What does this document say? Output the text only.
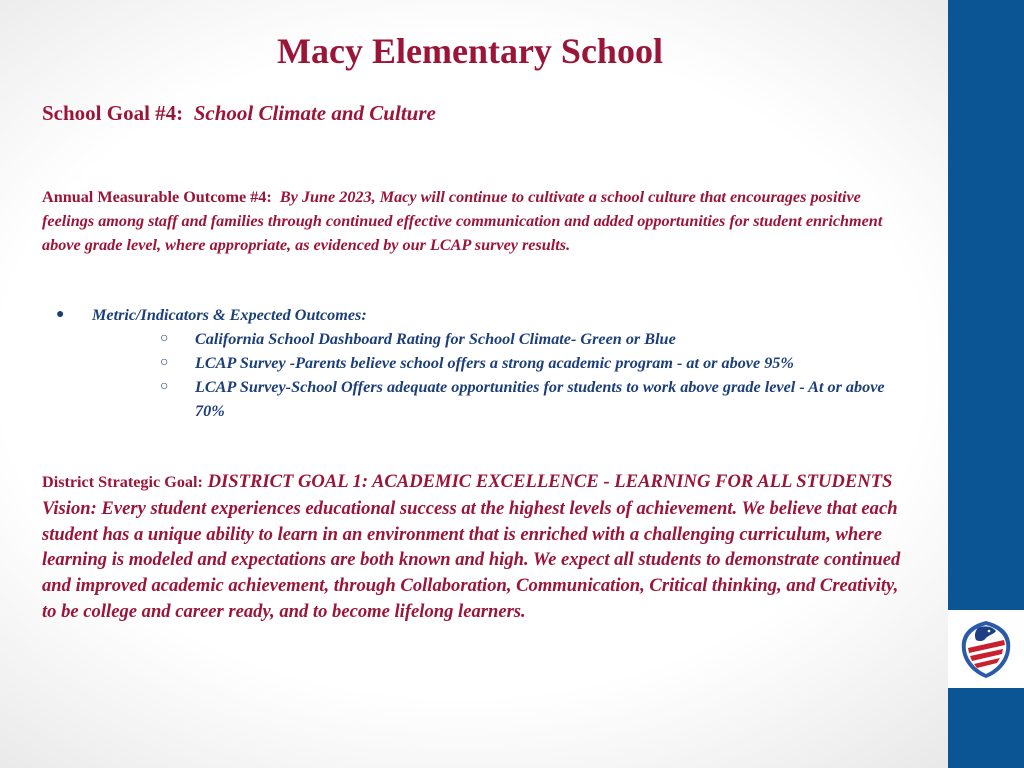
Macy Elementary School

School Goal #4: School Climate and Culture

Annual Measurable Outcome #4: By June 2023, Macy will continue to cultivate a school culture that encourages positive feelings among staff and families through continued effective communication and added opportunities for student enrichment above grade level, where appropriate, as evidenced by our LCAP survey results.

● Metric/Indicators & Expected Outcomes:
○ California School Dashboard Rating for School Climate- Green or Blue
○ LCAP Survey -Parents believe school offers a strong academic program - at or above 95%
○ LCAP Survey-School Offers adequate opportunities for students to work above grade level - At or above 70%

District Strategic Goal: DISTRICT GOAL 1: ACADEMIC EXCELLENCE - LEARNING FOR ALL STUDENTS Vision: Every student experiences educational success at the highest levels of achievement. We believe that each student has a unique ability to learn in an environment that is enriched with a challenging curriculum, where learning is modeled and expectations are both known and high. We expect all students to demonstrate continued and improved academic achievement, through Collaboration, Communication, Critical thinking, and Creativity, to be college and career ready, and to become lifelong learners.
